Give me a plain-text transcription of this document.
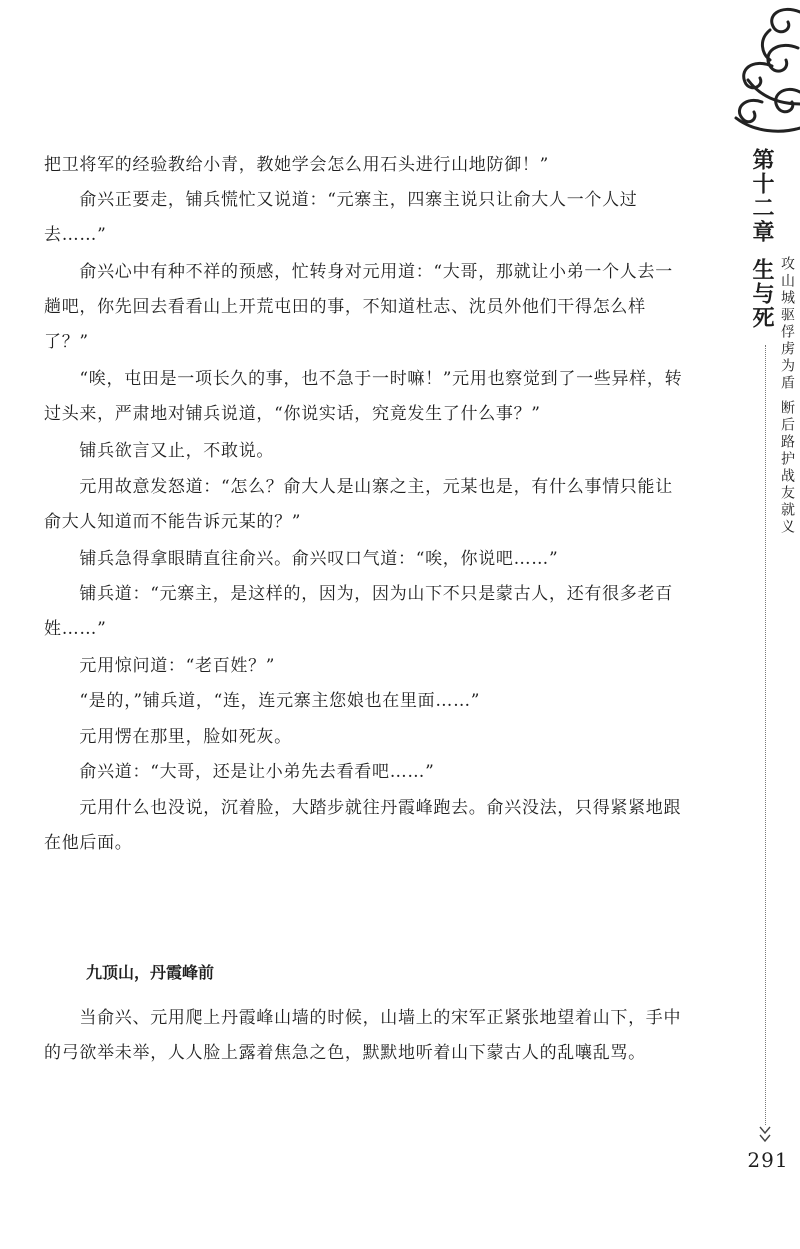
第十二章

生与死 攻山城驱俘虏为盾

断后路护战友就义

291

把卫将军的经验教给小青，教她学会怎么用石头进行山地防御！”

　　俞兴正要走，铺兵慌忙又说道：“元寨主，四寨主说只让俞大人一个人过去……”

　　俞兴心中有种不祥的预感，忙转身对元用道：“大哥，那就让小弟一个人去一趟吧，你先回去看看山上开荒屯田的事，不知道杜志、沈员外他们干得怎么样了？”

　　“唉，屯田是一项长久的事，也不急于一时嘛！”元用也察觉到了一些异样，转过头来，严肃地对铺兵说道，“你说实话，究竟发生了什么事？”

　　铺兵欲言又止，不敢说。

　　元用故意发怒道：“怎么？俞大人是山寨之主，元某也是，有什么事情只能让俞大人知道而不能告诉元某的？”

　　铺兵急得拿眼睛直往俞兴。俞兴叹口气道：“唉，你说吧……”

　　铺兵道：“元寨主，是这样的，因为，因为山下不只是蒙古人，还有很多老百姓……”

　　元用惊问道：“老百姓？”

　　“是的，”铺兵道，“连，连元寨主您娘也在里面……”

　　元用愣在那里，脸如死灰。

　　俞兴道：“大哥，还是让小弟先去看看吧……”

　　元用什么也没说，沉着脸，大踏步就往丹霞峰跑去。俞兴没法，只得紧紧地跟在他后面。

九顶山，丹霞峰前

　　当俞兴、元用爬上丹霞峰山墙的时候，山墙上的宋军正紧张地望着山下，手中的弓欲举未举，人人脸上露着焦急之色，默默地听着山下蒙古人的乱嚷乱骂。
